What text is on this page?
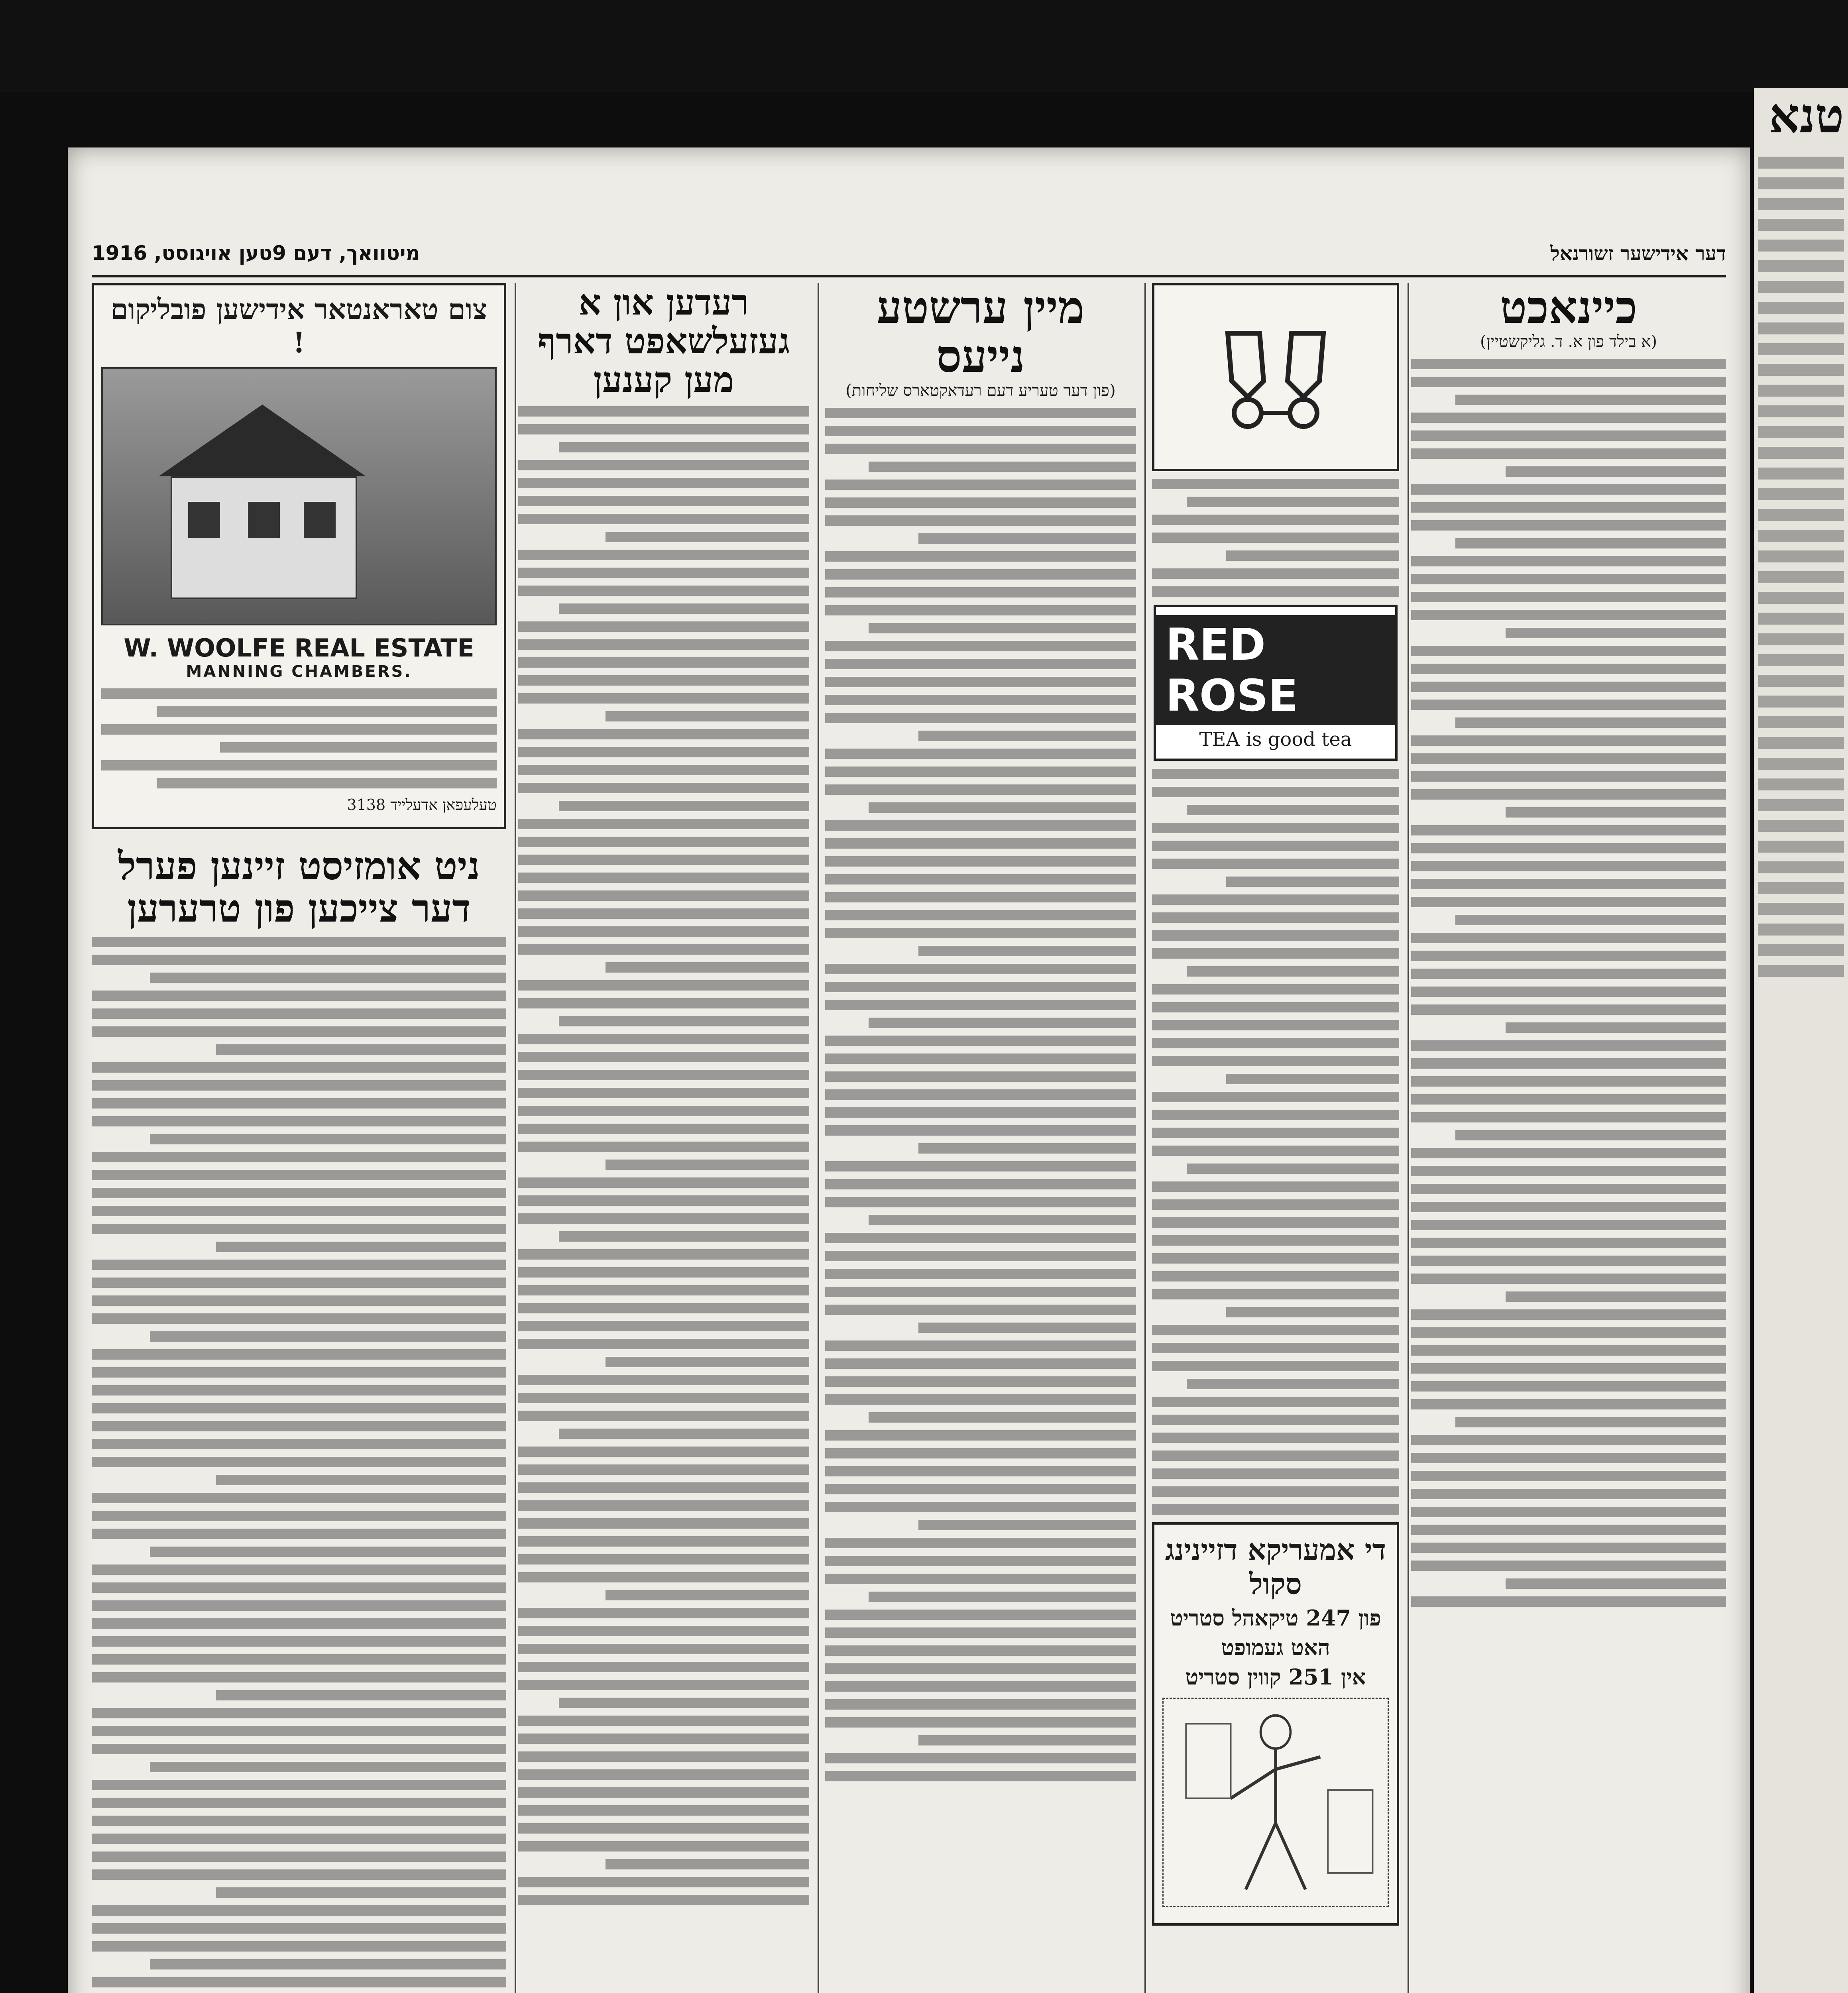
דער אידישער זשורנאל
מיטוואך, דעם 9טען אויגוסט, 1916
כיינאכט
(א בילד פון א. ד. גליקשטיין)
RED ROSE
TEA is good tea
די אמעריקא דזיינינג סקול
פון 247 טיקאהל סטריט
האט געמופט
אין 251 קווין סטריט
מיין ערשטע נייעס
(פון דער טעריע דעם רעדאקטארס שליחות)
רעדען און א געזעלשאפט דארף מען קענען
צום טאראנטאר אידישען פובליקום !
W. WOOLFE REAL ESTATE
MANNING CHAMBERS.
טעלעפאן אדעלייד 3138
ניט אומזיסט זיינען פערל דער צייכען פון טרערען
טנא
